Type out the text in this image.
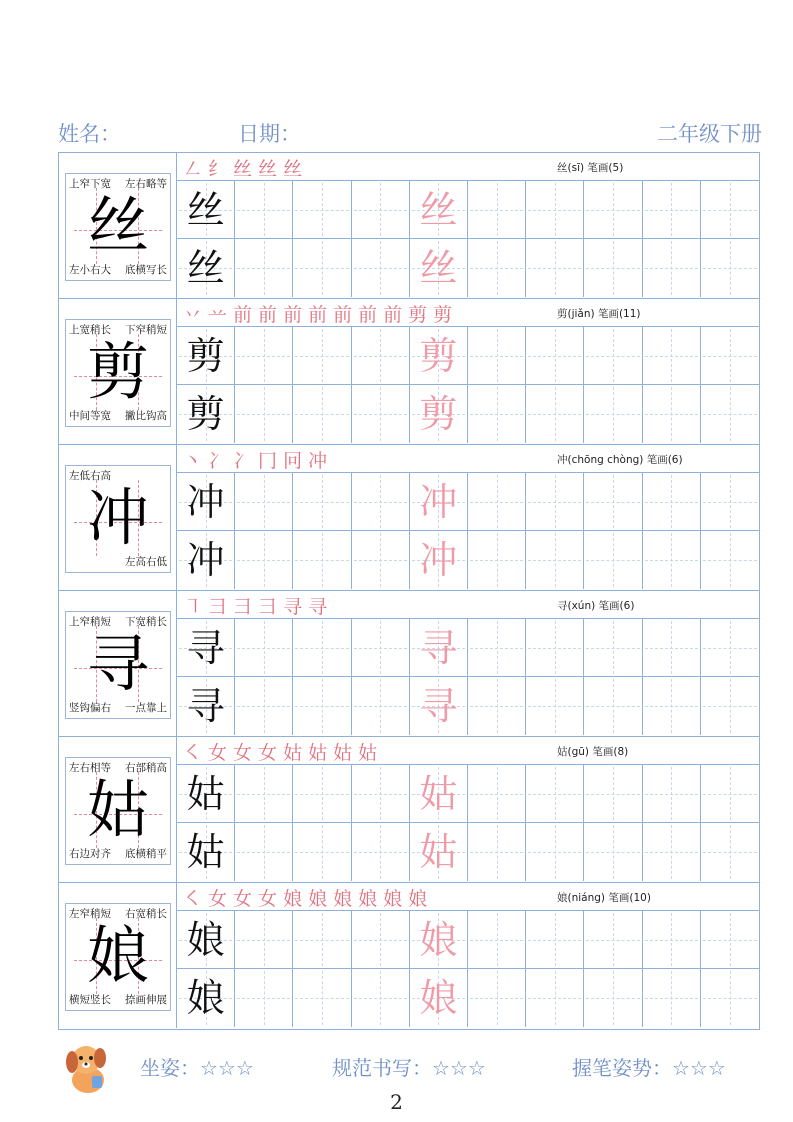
姓名：	日期：	二年级下册
上窄下宽 左右略等
左小右大 底横写长
丝
㇜纟丝丝丝	丝(sī) 笔画(5)
丝	丝
丝	丝
上宽稍长 下窄稍短
中间等宽 撇比钩高
剪
丷䒑前前前前前前前剪剪	剪(jiǎn) 笔画(11)
剪	剪
剪	剪
左低右高
左高右低
冲
丶冫冫冂冋冲	冲(chōng chòng) 笔画(6)
冲	冲
冲	冲
上窄稍短 下宽稍长
竖钩偏右 一点靠上
寻
㇕彐彐彐寻寻	寻(xún) 笔画(6)
寻	寻
寻	寻
左右相等 右部稍高
右边对齐 底横稍平
姑
㇛女女女姑姑姑姑	姑(gū) 笔画(8)
姑	姑
姑	姑
左窄稍短 右宽稍长
横短竖长 捺画伸展
娘
㇛女女女娘娘娘娘娘娘	娘(niáng) 笔画(10)
娘	娘
娘	娘
坐姿：☆☆☆	规范书写：☆☆☆	握笔姿势：☆☆☆
2
